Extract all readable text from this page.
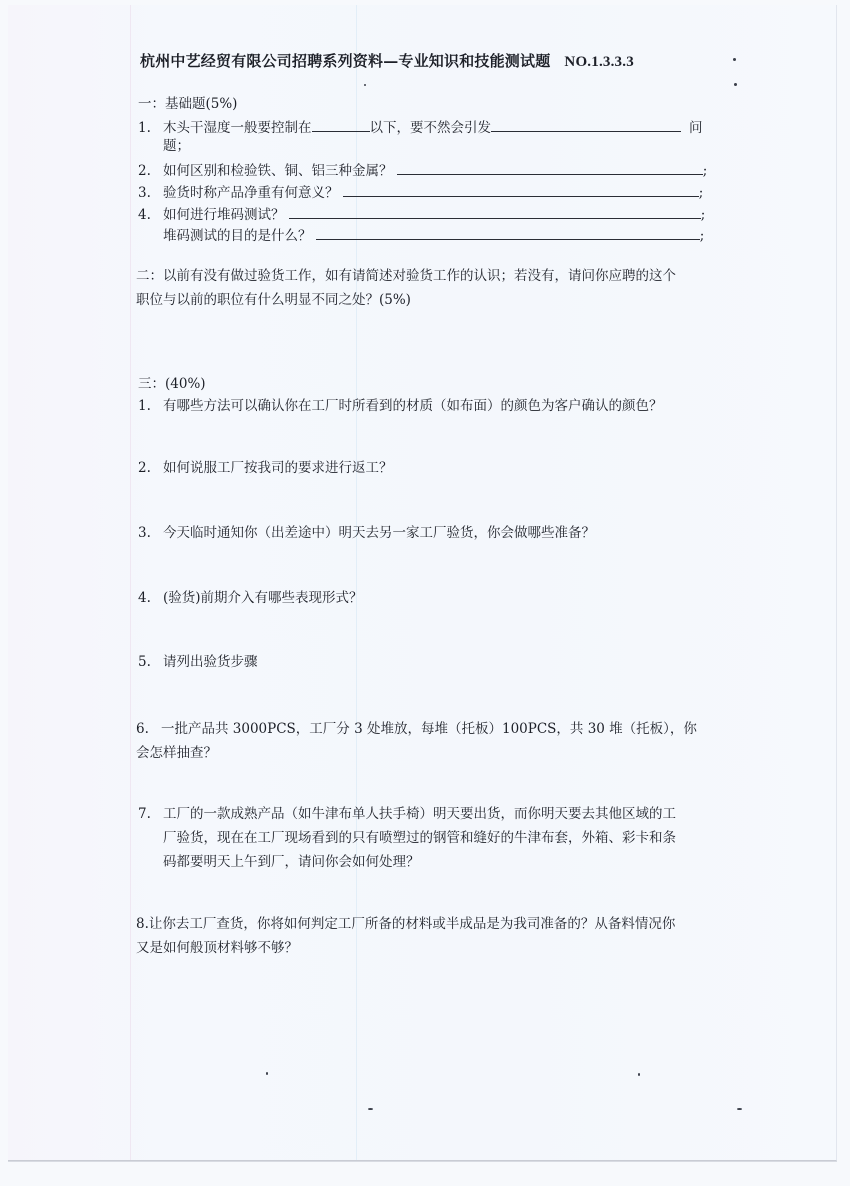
杭州中艺经贸有限公司招聘系列资料—专业知识和技能测试题 NO.1.3.3.3
一：基础题(5%)
1. 木头干湿度一般要控制在	以下，要不然会引发	问
题；
2. 如何区别和检验铁、铜、铝三种金属？	;
3. 验货时称产品净重有何意义？	;
4. 如何进行堆码测试？	;
堆码测试的目的是什么？	;
二：以前有没有做过验货工作，如有请简述对验货工作的认识；若没有，请问你应聘的这个
职位与以前的职位有什么明显不同之处？(5%)
三：(40%)
1. 有哪些方法可以确认你在工厂时所看到的材质（如布面）的颜色为客户确认的颜色？
2. 如何说服工厂按我司的要求进行返工？
3. 今天临时通知你（出差途中）明天去另一家工厂验货，你会做哪些准备？
4. (验货)前期介入有哪些表现形式？
5. 请列出验货步骤
6. 一批产品共 3000PCS，工厂分 3 处堆放，每堆（托板）100PCS，共 30 堆（托板），你
会怎样抽查？
7. 工厂的一款成熟产品（如牛津布单人扶手椅）明天要出货，而你明天要去其他区域的工
厂验货，现在在工厂现场看到的只有喷塑过的钢管和缝好的牛津布套，外箱、彩卡和条
码都要明天上午到厂，请问你会如何处理？
8.让你去工厂查货，你将如何判定工厂所备的材料或半成品是为我司准备的？从备料情况你
又是如何般顶材料够不够？
